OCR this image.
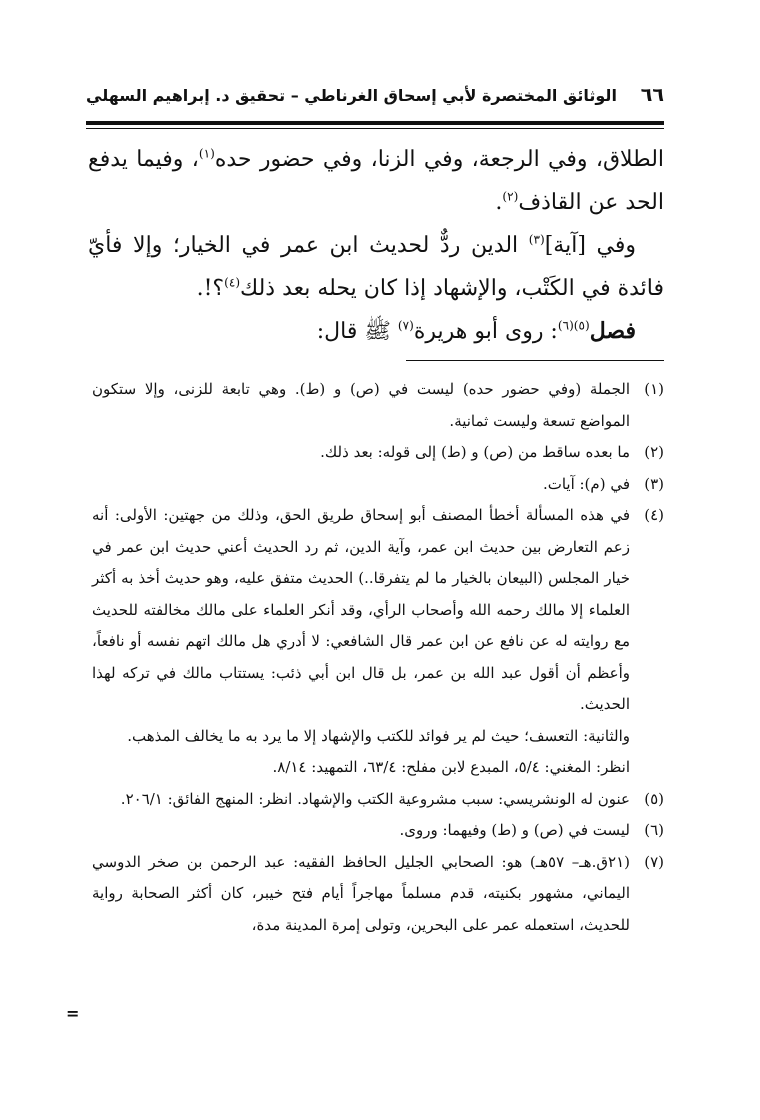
٦٦
الوثائق المختصرة لأبي إسحاق الغرناطي – تحقيق د. إبراهيم السهلي

الطلاق، وفي الرجعة، وفي الزنا، وفي حضور حده$^{(١)}$، وفيما يدفع الحد عن القاذف$^{(٢)}$.

وفي [آية]$^{(٣)}$ الدين ردٌّ لحديث ابن عمر في الخيار؛ وإلا فأيّ فائدة في الكَتْب، والإشهاد إذا كان يحله بعد ذلك$^{(٤)}$؟!.

فصل$^{(٥)(٦)}$: روى أبو هريرة$^{(٧)}$ ﷺ قال:

(١)

الجملة (وفي حضور حده) ليست في (ص) و (ط). وهي تابعة للزنى، وإلا ستكون المواضع تسعة وليست ثمانية.

(٢)

ما بعده ساقط من (ص) و (ط) إلى قوله: بعد ذلك.

(٣)

في (م): آيات.

(٤)

في هذه المسألة أخطأ المصنف أبو إسحاق طريق الحق، وذلك من جهتين: الأولى: أنه زعم التعارض بين حديث ابن عمر، وآية الدين، ثم رد الحديث أعني حديث ابن عمر في خيار المجلس (البيعان بالخيار ما لم يتفرقا..) الحديث متفق عليه، وهو حديث أخذ به أكثر العلماء إلا مالك رحمه الله وأصحاب الرأي، وقد أنكر العلماء على مالك مخالفته للحديث مع روايته له عن نافع عن ابن عمر قال الشافعي: لا أدري هل مالك اتهم نفسه أو نافعاً، وأعظم أن أقول عبد الله بن عمر، بل قال ابن أبي ذئب: يستتاب مالك في تركه لهذا الحديث.

والثانية: التعسف؛ حيث لم ير فوائد للكتب والإشهاد إلا ما يرد به ما يخالف المذهب.

انظر: المغني: ٥/٤، المبدع لابن مفلح: ٦٣/٤، التمهيد: ٨/١٤.

(٥)

عنون له الونشريسي: سبب مشروعية الكتب والإشهاد. انظر: المنهج الفائق: ٢٠٦/١.

(٦)

ليست في (ص) و (ط) وفيهما: وروى.

(٧)

(٢١ق.هـ– ٥٧هـ) هو: الصحابي الجليل الحافظ الفقيه: عبد الرحمن بن صخر الدوسي اليماني، مشهور بكنيته، قدم مسلماً مهاجراً أيام فتح خيبر، كان أكثر الصحابة رواية للحديث، استعمله عمر على البحرين، وتولى إمرة المدينة مدة،

=
